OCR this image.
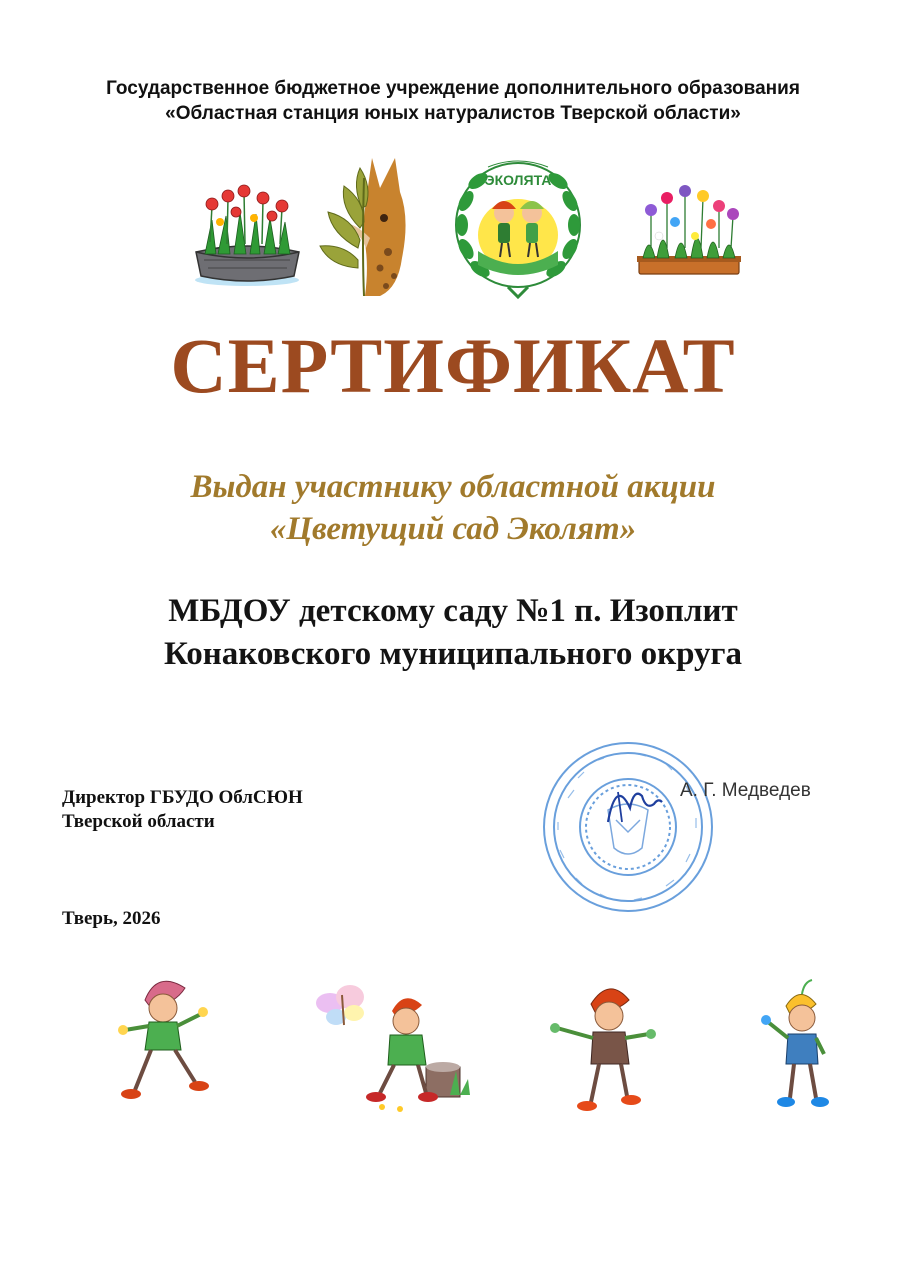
Государственное бюджетное учреждение дополнительного образования
«Областная станция юных натуралистов Тверской области»
ЭКОЛЯТА
СЕРТИФИКАТ
Выдан участнику областной акции
«Цветущий сад Эколят»
МБДОУ детскому саду №1 п. Изоплит
Конаковского муниципального округа
А. Г. Медведев
Директор ГБУДО ОблСЮН
Тверской области
Тверь, 2026
